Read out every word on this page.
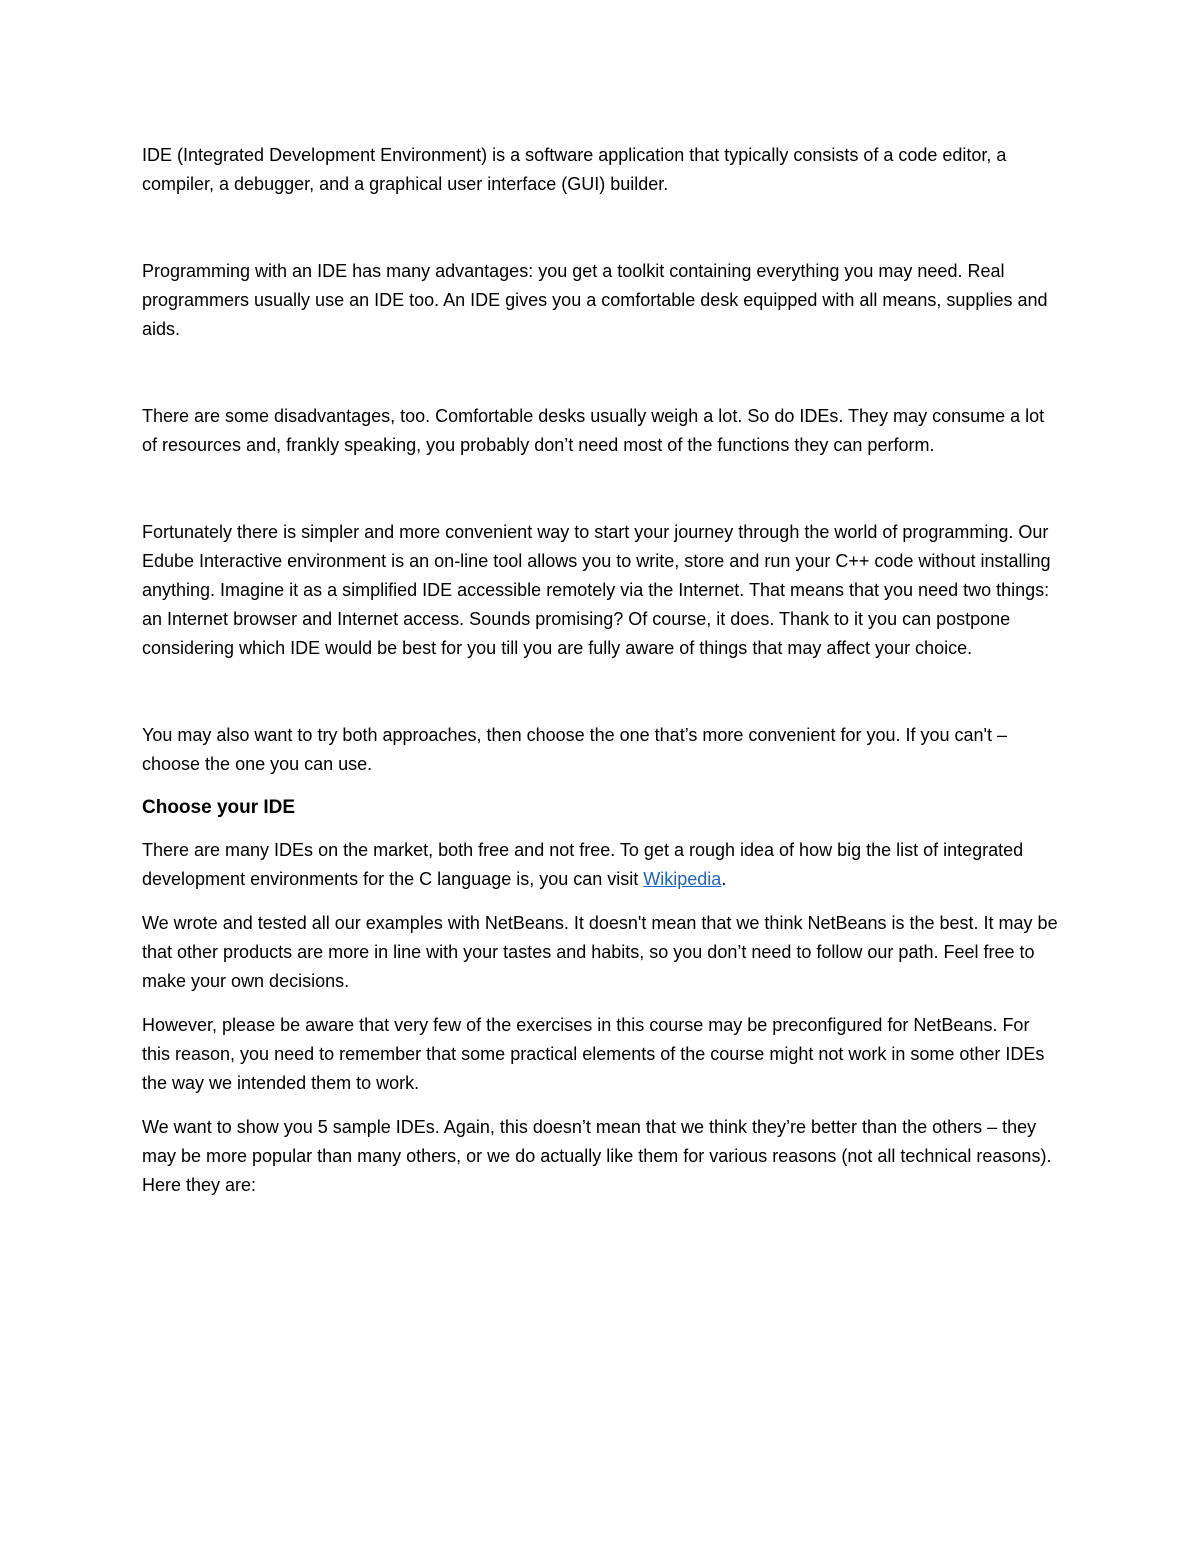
IDE (Integrated Development Environment) is a software application that typically consists of a code editor, a compiler, a debugger, and a graphical user interface (GUI) builder.

Programming with an IDE has many advantages: you get a toolkit containing everything you may need. Real programmers usually use an IDE too. An IDE gives you a comfortable desk equipped with all means, supplies and aids.

There are some disadvantages, too. Comfortable desks usually weigh a lot. So do IDEs. They may consume a lot of resources and, frankly speaking, you probably don’t need most of the functions they can perform.

Fortunately there is simpler and more convenient way to start your journey through the world of programming. Our Edube Interactive environment is an on-line tool allows you to write, store and run your C++ code without installing anything. Imagine it as a simplified IDE accessible remotely via the Internet. That means that you need two things: an Internet browser and Internet access. Sounds promising? Of course, it does. Thank to it you can postpone considering which IDE would be best for you till you are fully aware of things that may affect your choice.

You may also want to try both approaches, then choose the one that’s more convenient for you. If you can't – choose the one you can use.

Choose your IDE

There are many IDEs on the market, both free and not free. To get a rough idea of how big the list of integrated development environments for the C language is, you can visit Wikipedia.

We wrote and tested all our examples with NetBeans. It doesn't mean that we think NetBeans is the best. It may be that other products are more in line with your tastes and habits, so you don’t need to follow our path. Feel free to make your own decisions.

However, please be aware that very few of the exercises in this course may be preconfigured for NetBeans. For this reason, you need to remember that some practical elements of the course might not work in some other IDEs the way we intended them to work.

We want to show you 5 sample IDEs. Again, this doesn’t mean that we think they’re better than the others – they may be more popular than many others, or we do actually like them for various reasons (not all technical reasons). Here they are:
